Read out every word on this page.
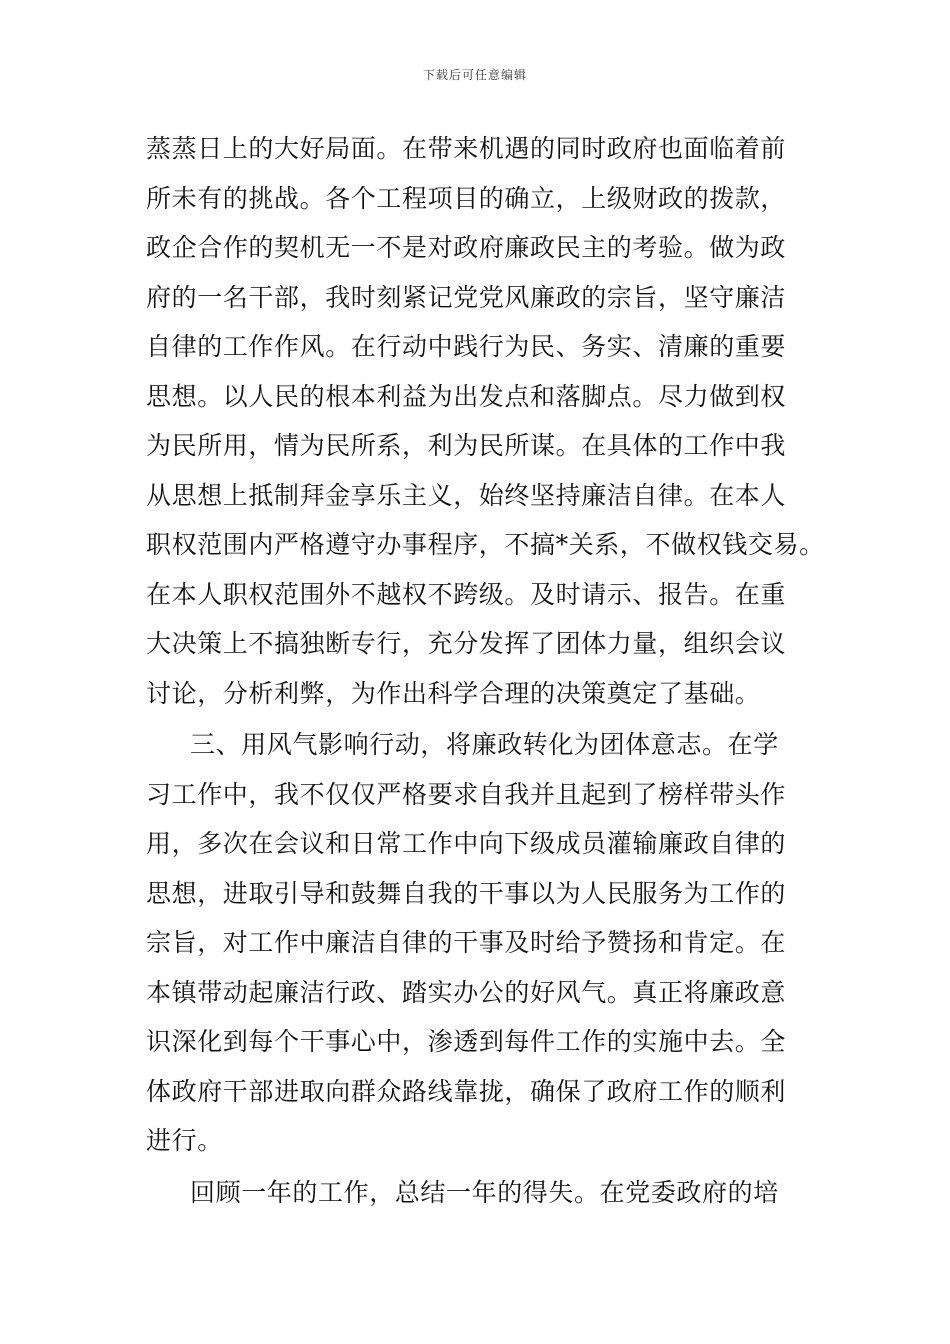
下载后可任意编辑
蒸蒸日上的大好局面。在带来机遇的同时政府也面临着前
所未有的挑战。各个工程项目的确立，上级财政的拨款，
政企合作的契机无一不是对政府廉政民主的考验。做为政
府的一名干部，我时刻紧记党党风廉政的宗旨，坚守廉洁
自律的工作作风。在行动中践行为民、务实、清廉的重要
思想。以人民的根本利益为出发点和落脚点。尽力做到权
为民所用，情为民所系，利为民所谋。在具体的工作中我
从思想上抵制拜金享乐主义，始终坚持廉洁自律。在本人
职权范围内严格遵守办事程序，不搞*关系，不做权钱交易。
在本人职权范围外不越权不跨级。及时请示、报告。在重
大决策上不搞独断专行，充分发挥了团体力量，组织会议
讨论，分析利弊，为作出科学合理的决策奠定了基础。
三、用风气影响行动，将廉政转化为团体意志。在学
习工作中，我不仅仅严格要求自我并且起到了榜样带头作
用，多次在会议和日常工作中向下级成员灌输廉政自律的
思想，进取引导和鼓舞自我的干事以为人民服务为工作的
宗旨，对工作中廉洁自律的干事及时给予赞扬和肯定。在
本镇带动起廉洁行政、踏实办公的好风气。真正将廉政意
识深化到每个干事心中，渗透到每件工作的实施中去。全
体政府干部进取向群众路线靠拢，确保了政府工作的顺利
进行。
回顾一年的工作，总结一年的得失。在党委政府的培
